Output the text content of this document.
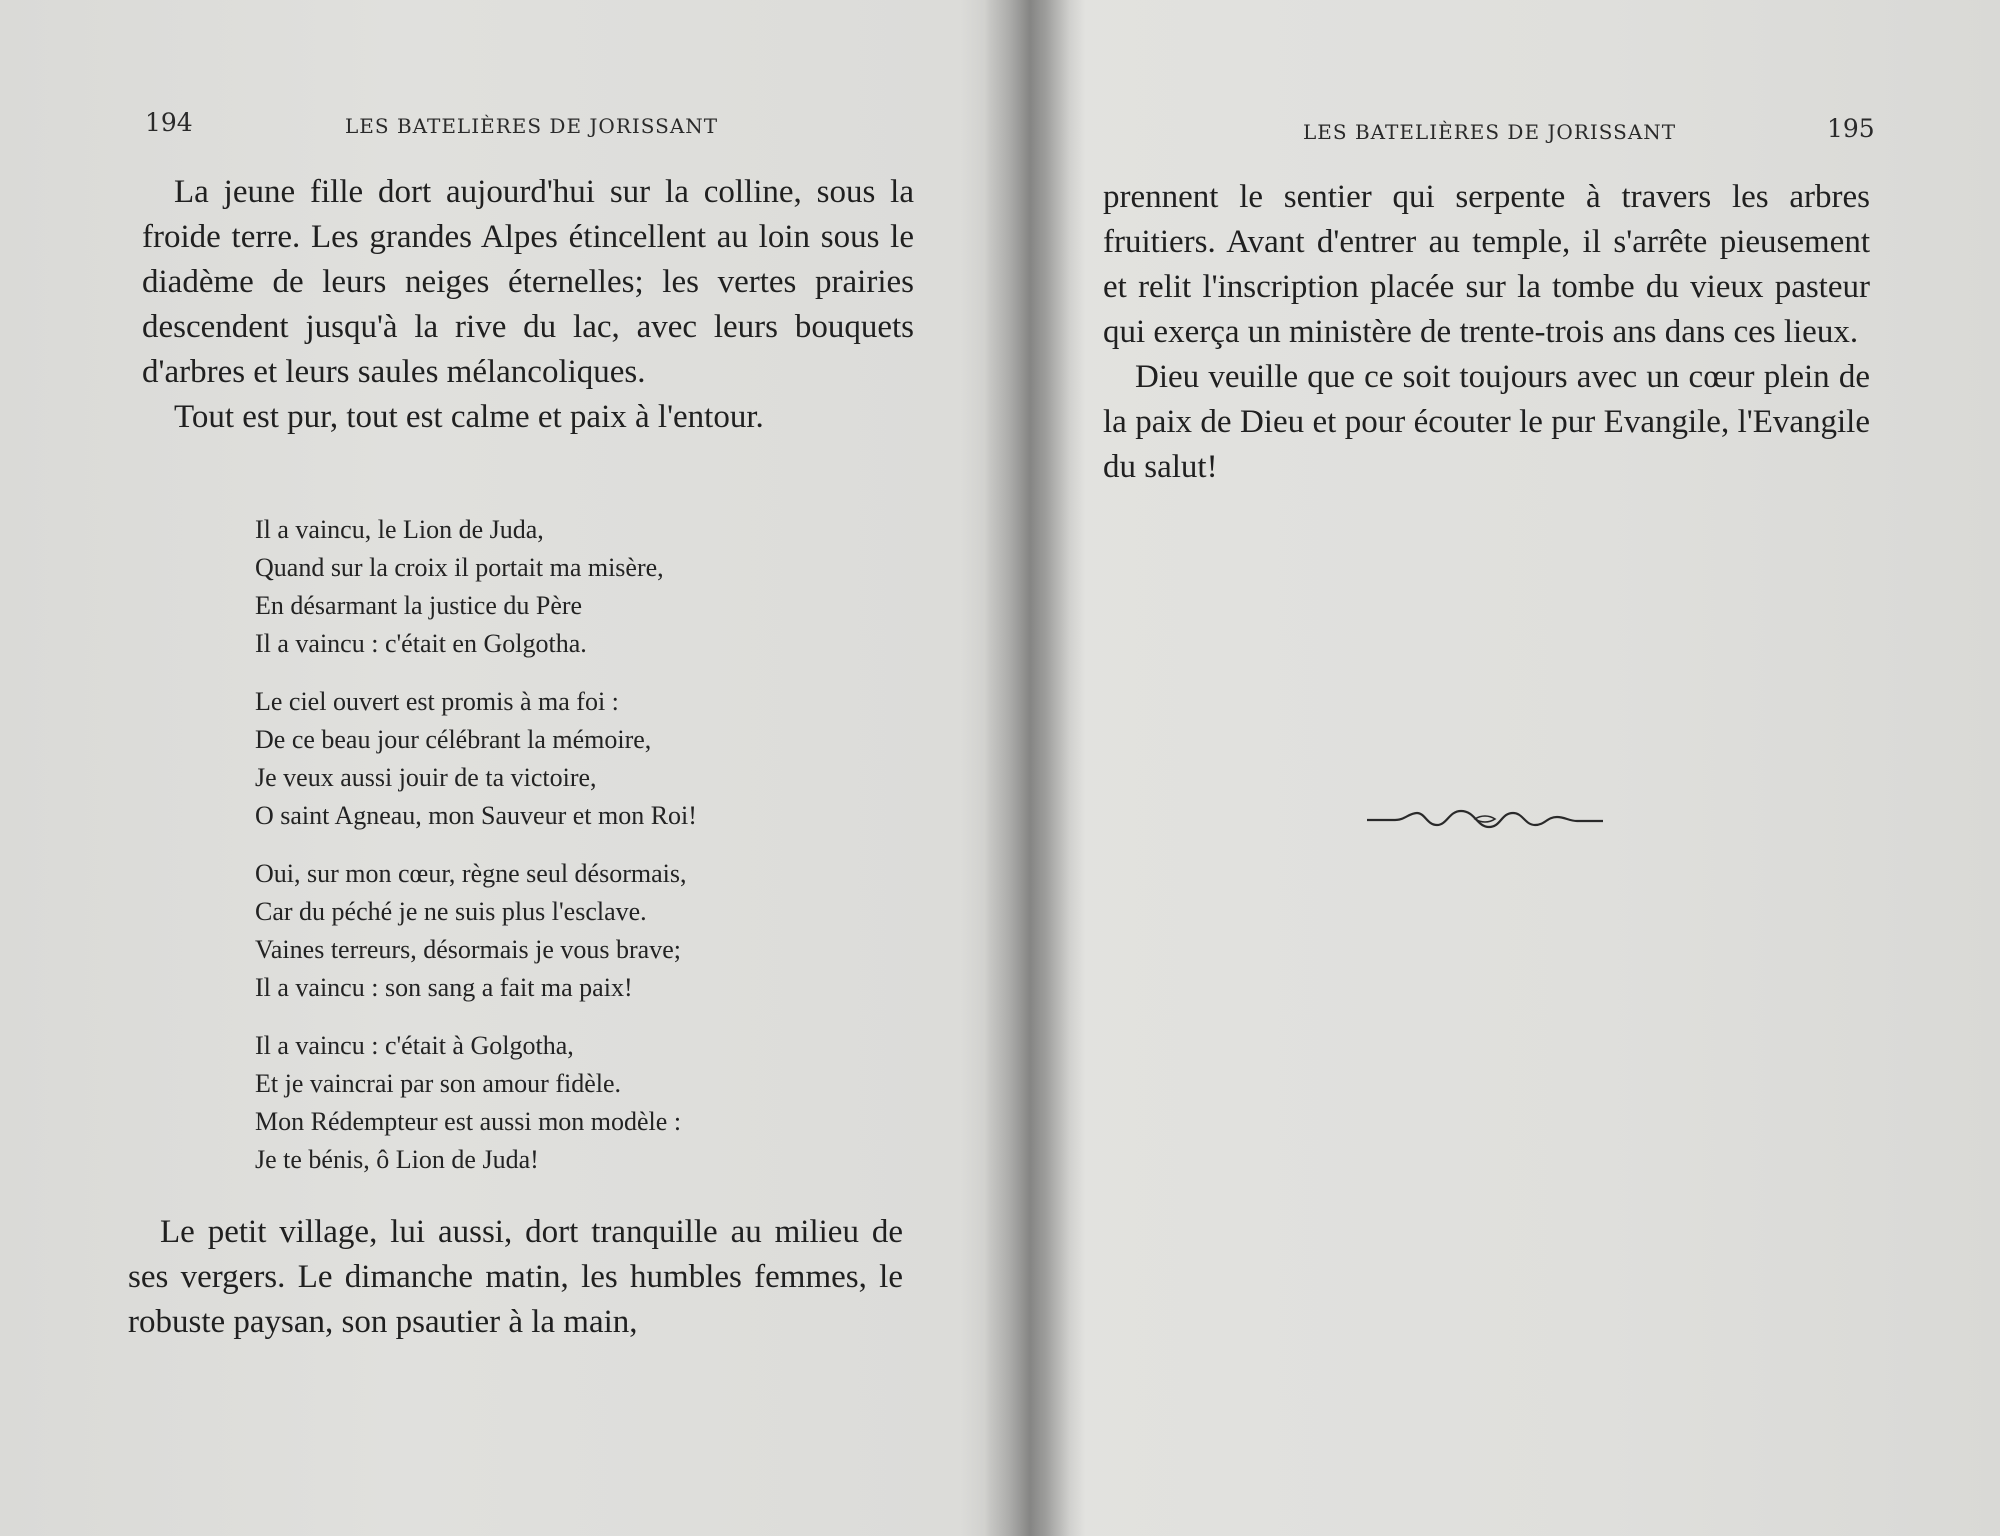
194	LES BATELIÈRES DE JORISSANT

La jeune fille dort aujourd'hui sur la colline, sous la froide terre. Les grandes Alpes étincellent au loin sous le diadème de leurs neiges éternelles; les vertes prairies descendent jusqu'à la rive du lac, avec leurs bouquets d'arbres et leurs saules mélancoliques.

Tout est pur, tout est calme et paix à l'entour.

Il a vaincu, le Lion de Juda,
Quand sur la croix il portait ma misère,
En désarmant la justice du Père
Il a vaincu : c'était en Golgotha.
Le ciel ouvert est promis à ma foi :
De ce beau jour célébrant la mémoire,
Je veux aussi jouir de ta victoire,
O saint Agneau, mon Sauveur et mon Roi!
Oui, sur mon cœur, règne seul désormais,
Car du péché je ne suis plus l'esclave.
Vaines terreurs, désormais je vous brave;
Il a vaincu : son sang a fait ma paix!
Il a vaincu : c'était à Golgotha,
Et je vaincrai par son amour fidèle.
Mon Rédempteur est aussi mon modèle :
Je te bénis, ô Lion de Juda!

Le petit village, lui aussi, dort tranquille au milieu de ses vergers. Le dimanche matin, les humbles femmes, le robuste paysan, son psautier à la main,

LES BATELIÈRES DE JORISSANT	195

prennent le sentier qui serpente à travers les arbres fruitiers. Avant d'entrer au temple, il s'arrête pieusement et relit l'inscription placée sur la tombe du vieux pasteur qui exerça un ministère de trente-trois ans dans ces lieux.

Dieu veuille que ce soit toujours avec un cœur plein de la paix de Dieu et pour écouter le pur Evangile, l'Evangile du salut!
